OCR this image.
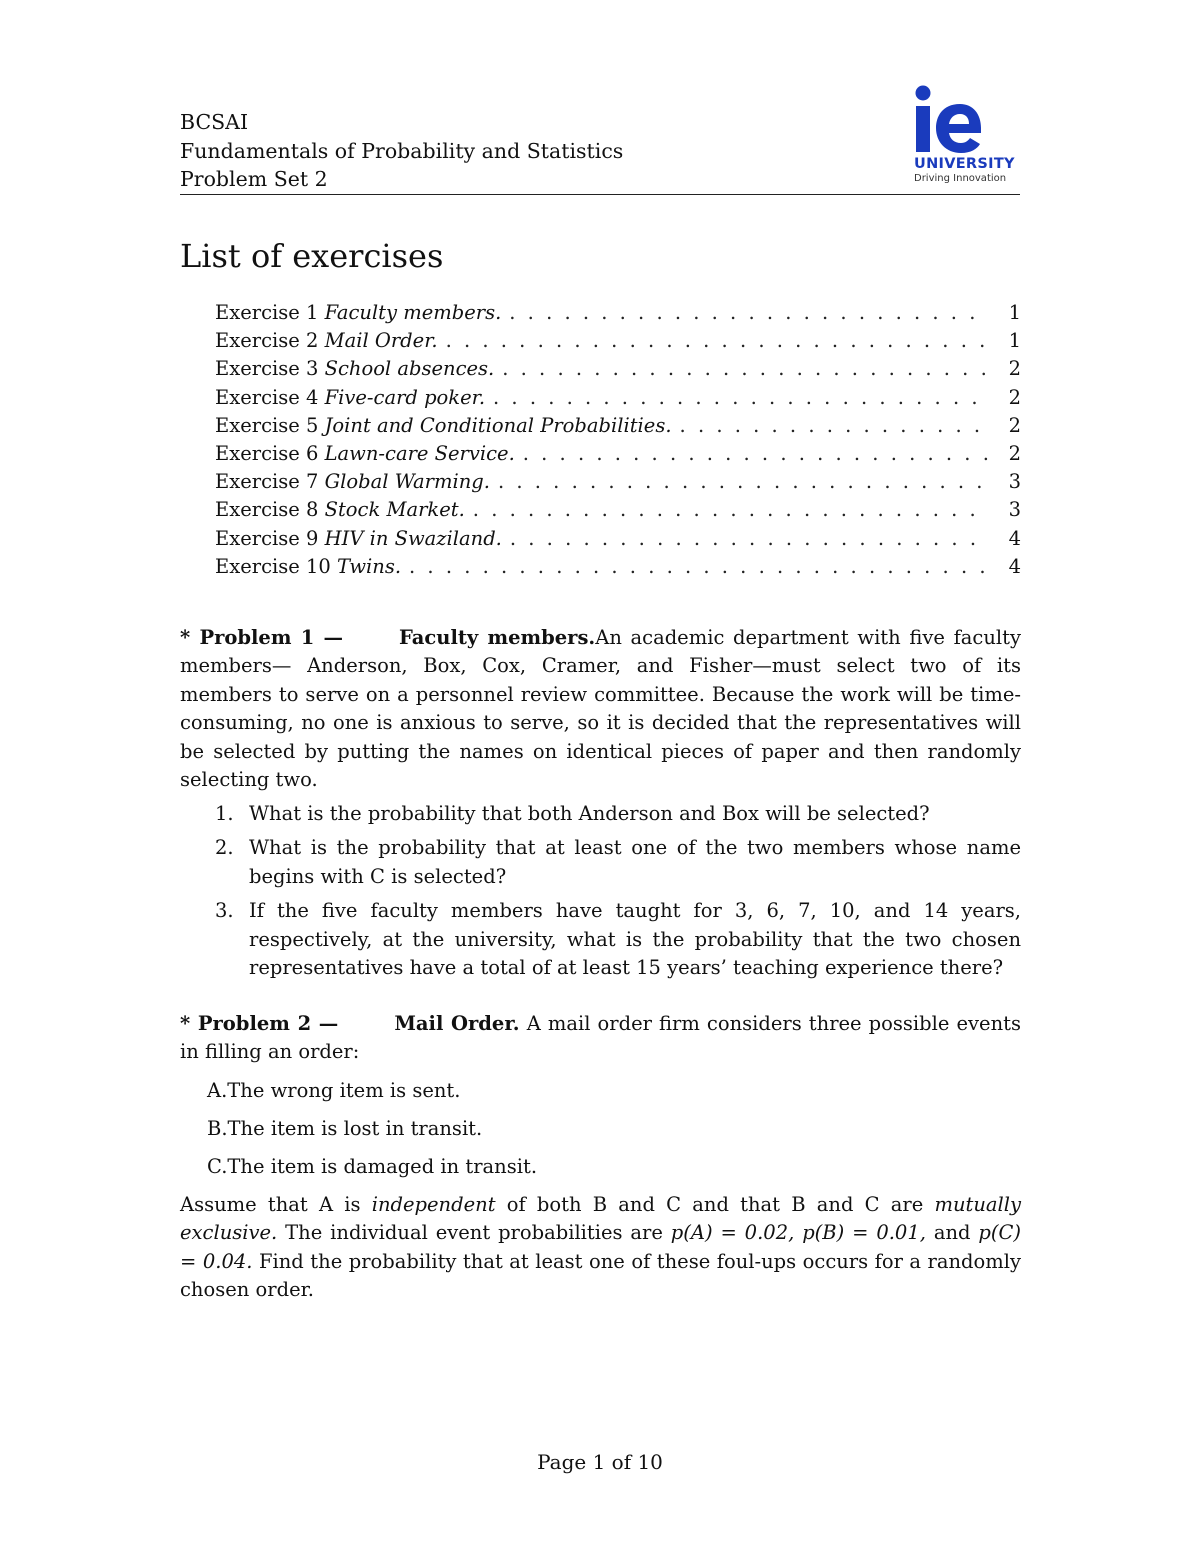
BCSAI
Fundamentals of Probability and Statistics
Problem Set 2
UNIVERSITY
Driving Innovation
List of exercises
Exercise 1 Faculty members. . . .	1
Exercise 2 Mail Order. . . .	1
Exercise 3 School absences. . . .	2
Exercise 4 Five-card poker. . . .	2
Exercise 5 Joint and Conditional Probabilities. . . .	2
Exercise 6 Lawn-care Service. . . .	2
Exercise 7 Global Warming. . . .	3
Exercise 8 Stock Market. . . .	3
Exercise 9 HIV in Swaziland. . . .	4
Exercise 10 Twins. . . .	4
* Problem 1 —	Faculty members.An academic department with five faculty members— Anderson, Box, Cox, Cramer, and Fisher—must select two of its members to serve on a personnel review committee. Because the work will be time-consuming, no one is anxious to serve, so it is decided that the representatives will be selected by putting the names on identical pieces of paper and then randomly selecting two.
1. What is the probability that both Anderson and Box will be selected?
2. What is the probability that at least one of the two members whose name begins with C is selected?
3. If the five faculty members have taught for 3, 6, 7, 10, and 14 years, respectively, at the university, what is the probability that the two chosen representatives have a total of at least 15 years’ teaching experience there?
* Problem 2 —	Mail Order. A mail order firm considers three possible events in filling an order:
A.The wrong item is sent.
B.The item is lost in transit.
C.The item is damaged in transit.
Assume that A is independent of both B and C and that B and C are mutually exclusive. The individual event probabilities are p(A) = 0.02, p(B) = 0.01, and p(C) = 0.04. Find the probability that at least one of these foul-ups occurs for a randomly chosen order.
Page 1 of 10
